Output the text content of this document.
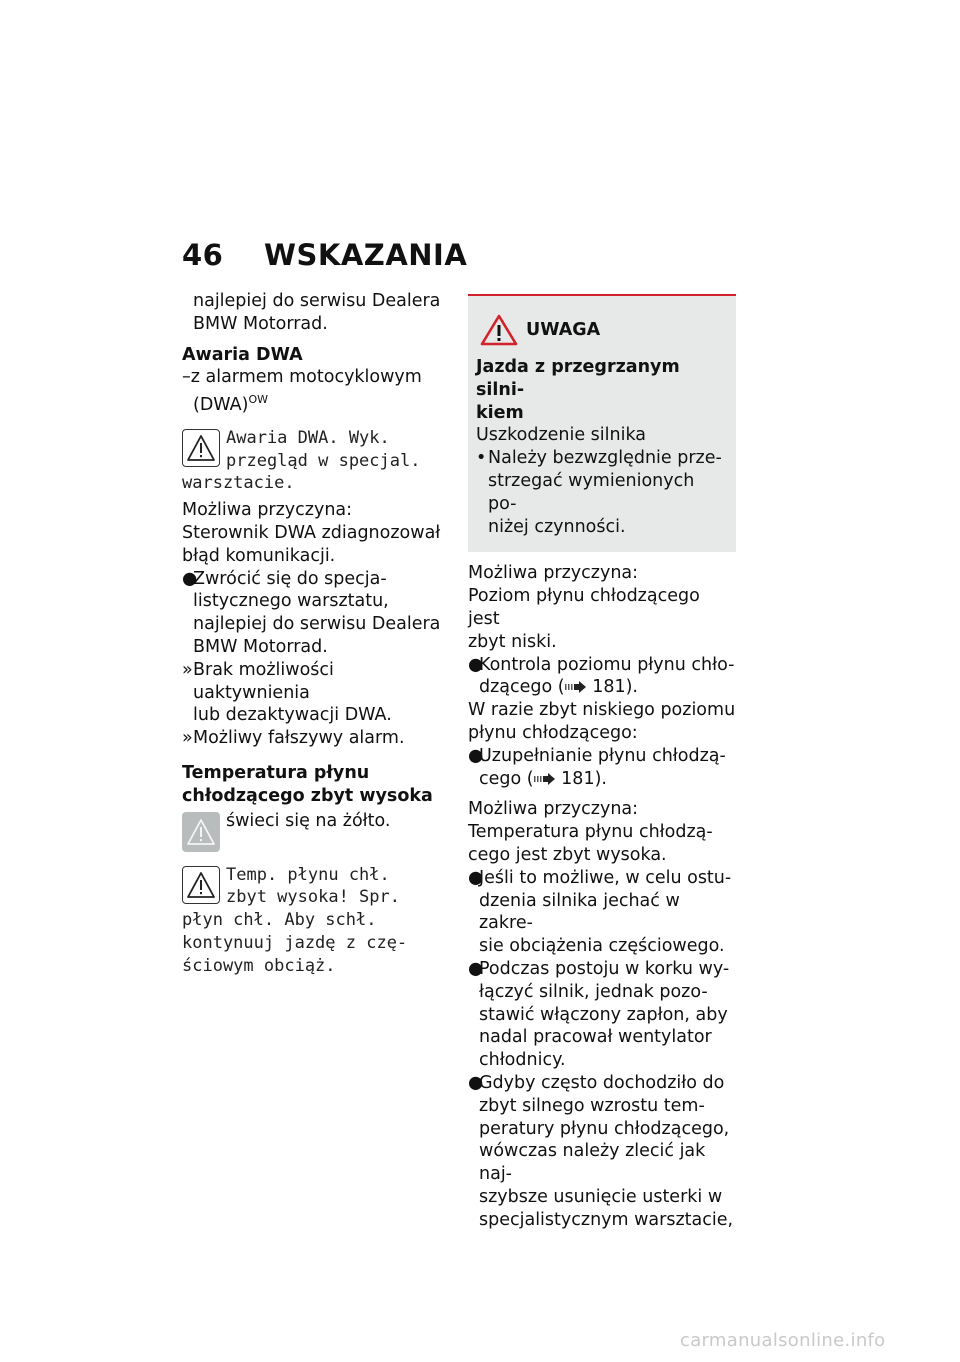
46	WSKAZANIA

najlepiej do serwisu Dealera
BMW Motorrad.

Awaria DWA

–z alarmem motocyklowym
(DWA)$^{OW}$

Awaria DWA. Wyk.
przegląd w specjal.
warsztacie.

Możliwa przyczyna:

Sterownik DWA zdiagnozował
błąd komunikacji.

●
Zwrócić się do specja-
listycznego warsztatu,
najlepiej do serwisu Dealera
BMW Motorrad.
» Brak możliwości uaktywnienia
lub dezaktywacji DWA.
» Możliwy fałszywy alarm.

Temperatura płynu
chłodzącego zbyt wysoka

świeci się na żółto.
Temp. płynu chł.
zbyt wysoka! Spr.
płyn chł. Aby schł.
kontynuuj jazdę z czę-
ściowym obciąż.
UWAGA
Jazda z przegrzanym silni-
kiem

Uszkodzenie silnika

• Należy bezwzględnie prze-
strzegać wymienionych po-
niżej czynności.

Możliwa przyczyna:

Poziom płynu chłodzącego jest
zbyt niski.

●
Kontrola poziomu płynu chło-
dzącego ( 181).

W razie zbyt niskiego poziomu
płynu chłodzącego:

●
Uzupełnianie płynu chłodzą-
cego ( 181).

Możliwa przyczyna:

Temperatura płynu chłodzą-
cego jest zbyt wysoka.

●
Jeśli to możliwe, w celu ostu-
dzenia silnika jechać w zakre-
sie obciążenia częściowego.
●
Podczas postoju w korku wy-
łączyć silnik, jednak pozo-
stawić włączony zapłon, aby
nadal pracował wentylator
chłodnicy.
●
Gdyby często dochodziło do
zbyt silnego wzrostu tem-
peratury płynu chłodzącego,
wówczas należy zlecić jak naj-
szybsze usunięcie usterki w
specjalistycznym warsztacie,
carmanualsonline.info
